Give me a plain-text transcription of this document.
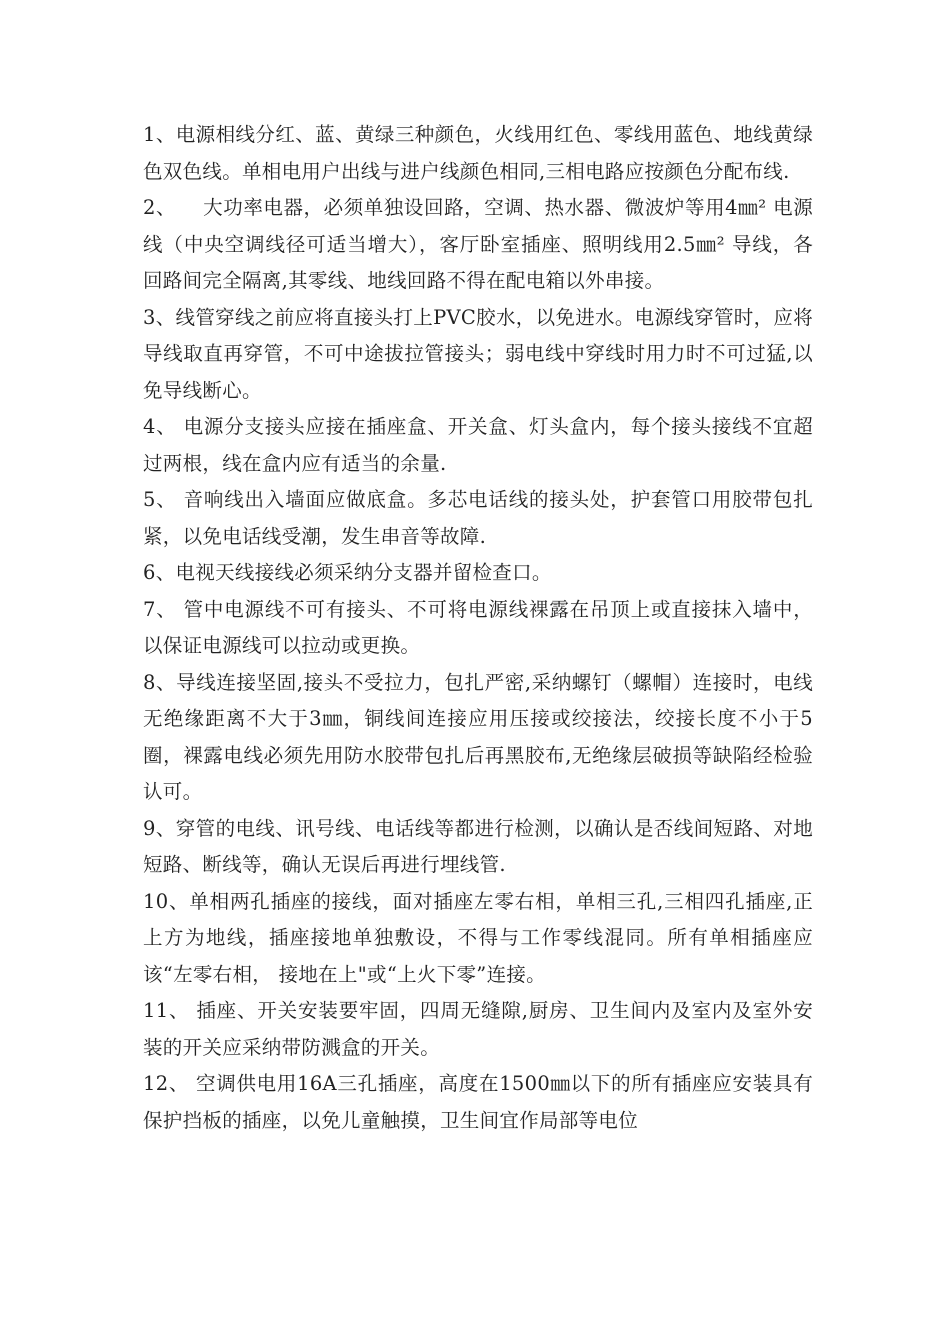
1、电源相线分红、蓝、黄绿三种颜色，火线用红色、零线用蓝色、地线黄绿色双色线。单相电用户出线与进户线颜色相同,三相电路应按颜色分配布线.

2、    大功率电器，必须单独设回路，空调、热水器、微波炉等用4㎜² 电源线（中央空调线径可适当增大），客厅卧室插座、照明线用2.5㎜² 导线，各回路间完全隔离,其零线、地线回路不得在配电箱以外串接。

3、线管穿线之前应将直接头打上PVC胶水，以免进水。电源线穿管时，应将导线取直再穿管，不可中途拔拉管接头；弱电线中穿线时用力时不可过猛,以免导线断心。

4、 电源分支接头应接在插座盒、开关盒、灯头盒内，每个接头接线不宜超过两根，线在盒内应有适当的余量.

5、 音响线出入墙面应做底盒。多芯电话线的接头处，护套管口用胶带包扎紧，以免电话线受潮，发生串音等故障.

6、电视天线接线必须采纳分支器并留检查口。

7、 管中电源线不可有接头、不可将电源线裸露在吊顶上或直接抹入墙中，以保证电源线可以拉动或更换。

8、导线连接坚固,接头不受拉力，包扎严密,采纳螺钉（螺帽）连接时，电线无绝缘距离不大于3㎜，铜线间连接应用压接或绞接法，绞接长度不小于5圈，裸露电线必须先用防水胶带包扎后再黑胶布,无绝缘层破损等缺陷经检验认可。

9、穿管的电线、讯号线、电话线等都进行检测，以确认是否线间短路、对地短路、断线等，确认无误后再进行埋线管.

10、单相两孔插座的接线，面对插座左零右相，单相三孔,三相四孔插座,正上方为地线，插座接地单独敷设，不得与工作零线混同。所有单相插座应该“左零右相， 接地在上"或“上火下零”连接。

11、 插座、开关安装要牢固，四周无缝隙,厨房、卫生间内及室内及室外安装的开关应采纳带防溅盒的开关。

12、 空调供电用16A三孔插座，高度在1500㎜以下的所有插座应安装具有保护挡板的插座，以免儿童触摸，卫生间宜作局部等电位
